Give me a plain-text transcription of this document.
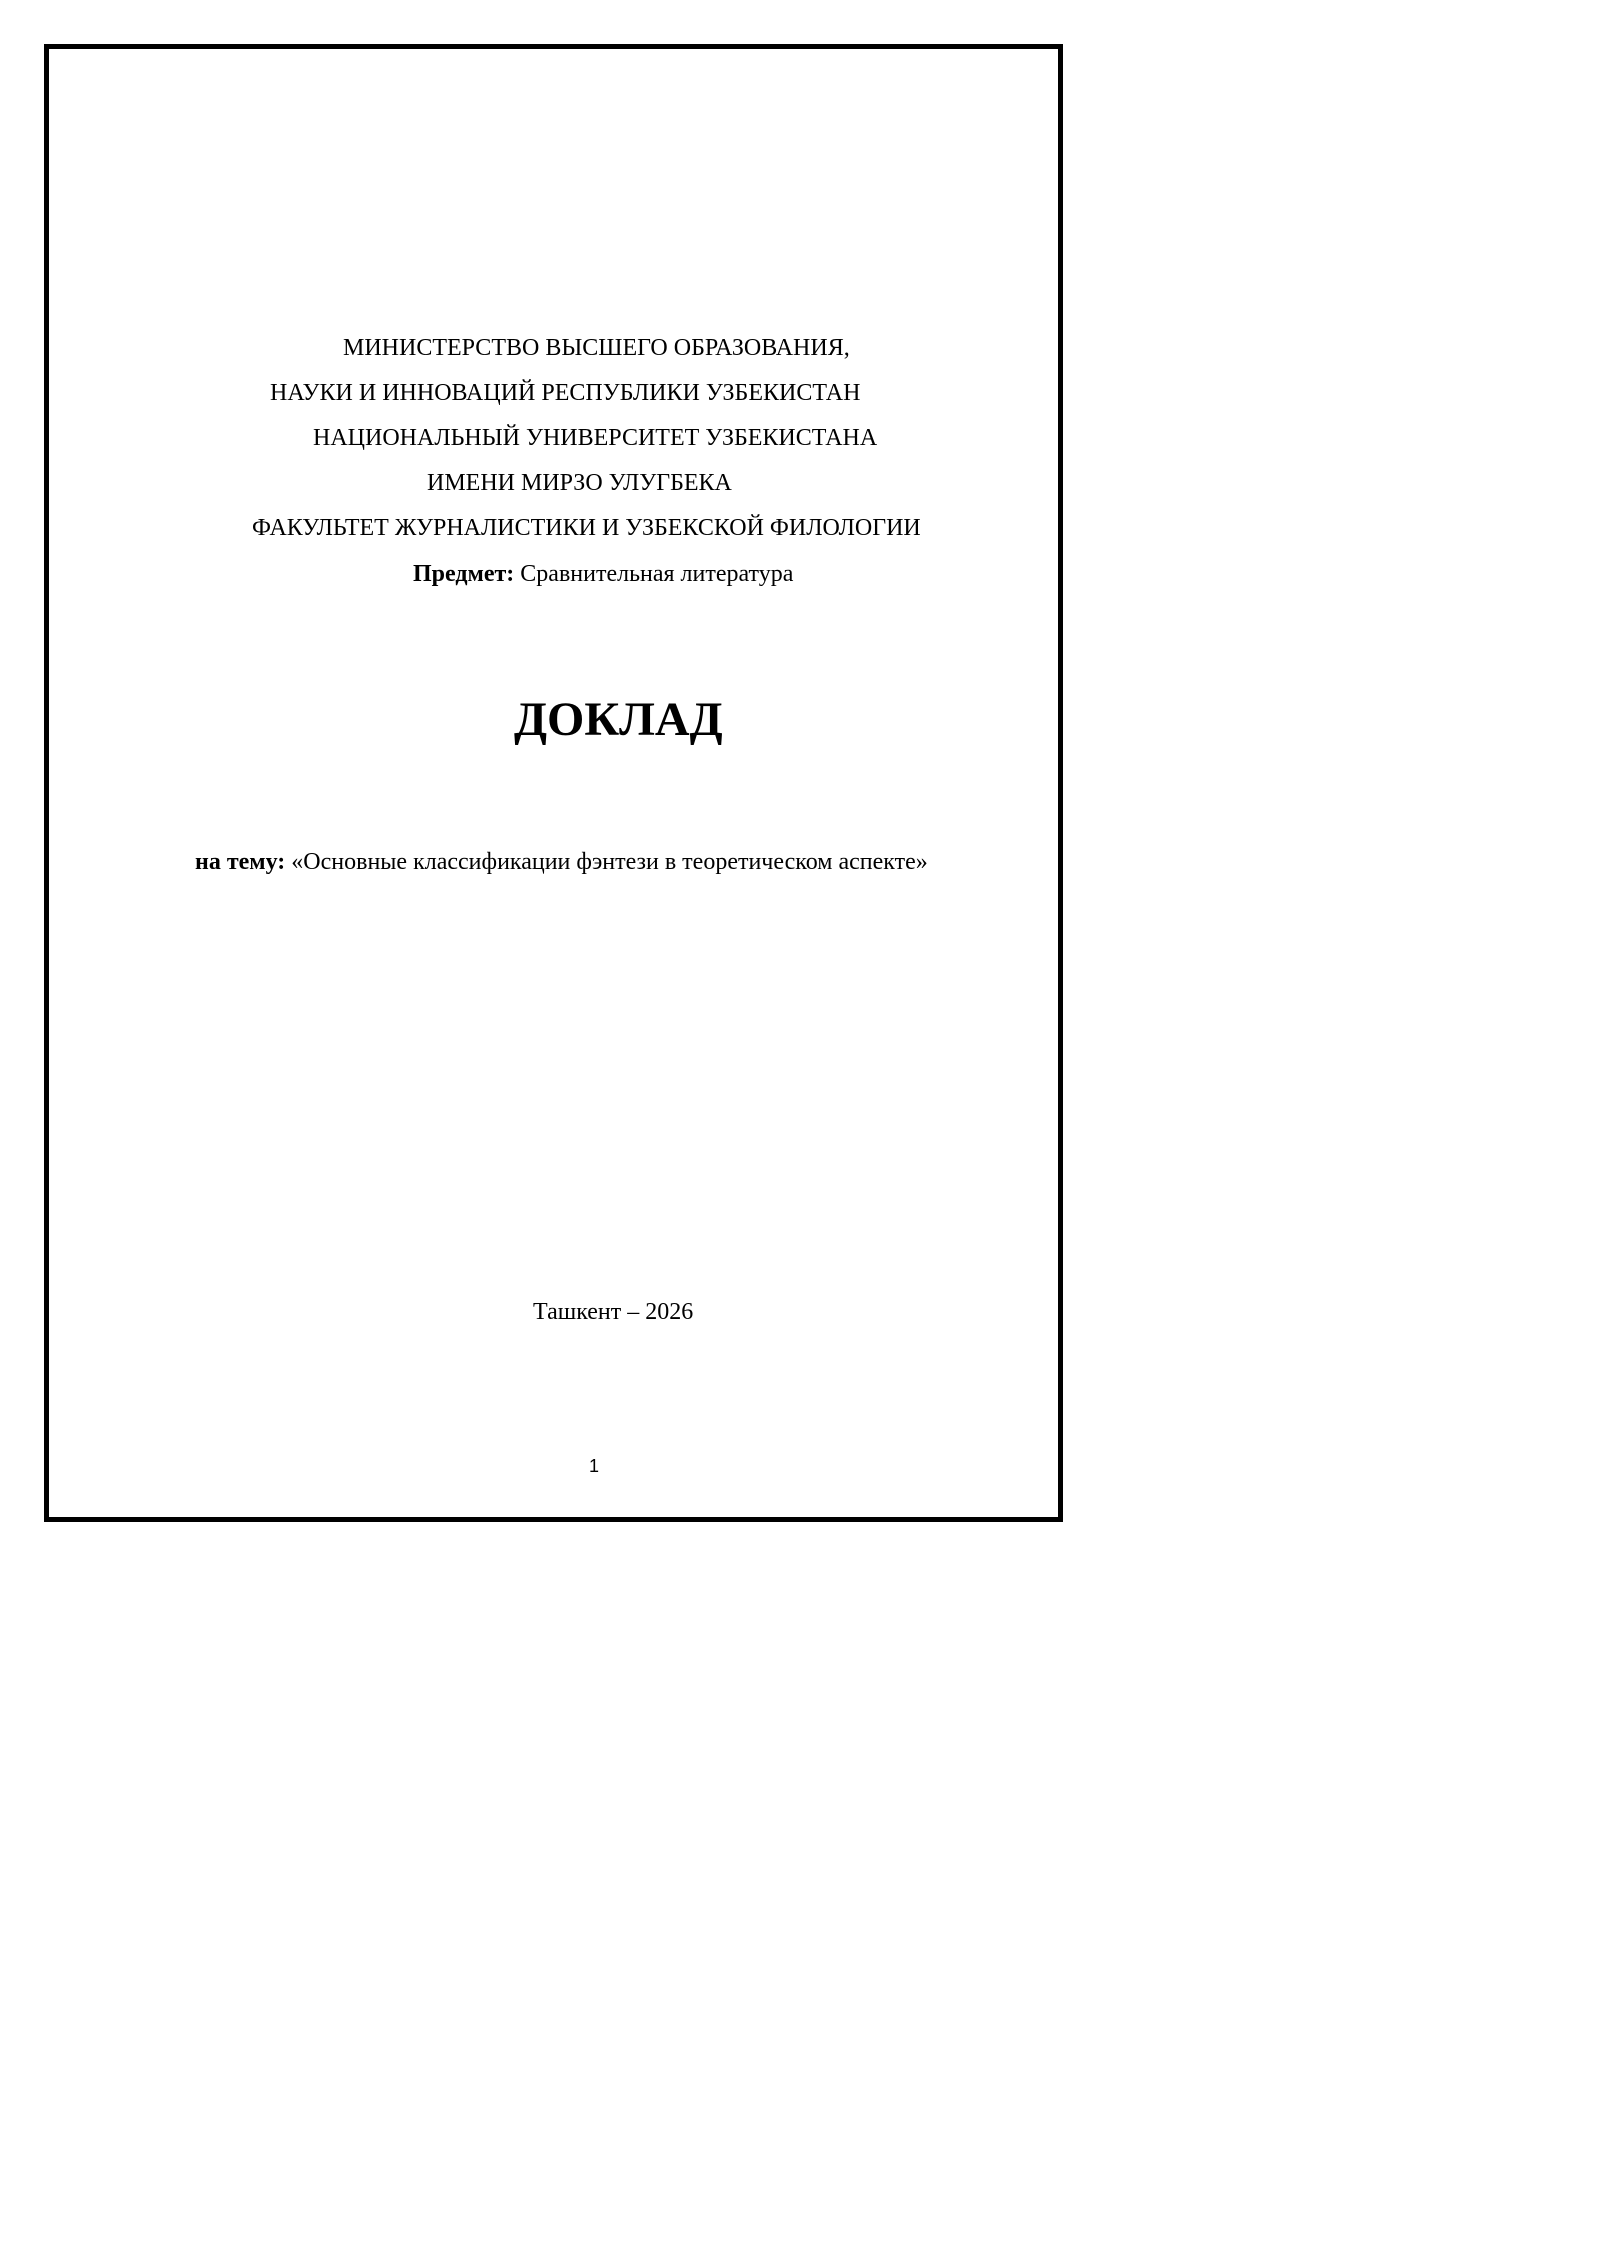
МИНИСТЕРСТВО ВЫСШЕГО ОБРАЗОВАНИЯ,
НАУКИ И ИННОВАЦИЙ РЕСПУБЛИКИ УЗБЕКИСТАН
НАЦИОНАЛЬНЫЙ УНИВЕРСИТЕТ УЗБЕКИСТАНА
ИМЕНИ МИРЗО УЛУГБЕКА
ФАКУЛЬТЕТ ЖУРНАЛИСТИКИ И УЗБЕКСКОЙ ФИЛОЛОГИИ
Предмет: Сравнительная литература
ДОКЛАД
на тему: «Основные классификации фэнтези в теоретическом аспекте»
Ташкент – 2026
1
